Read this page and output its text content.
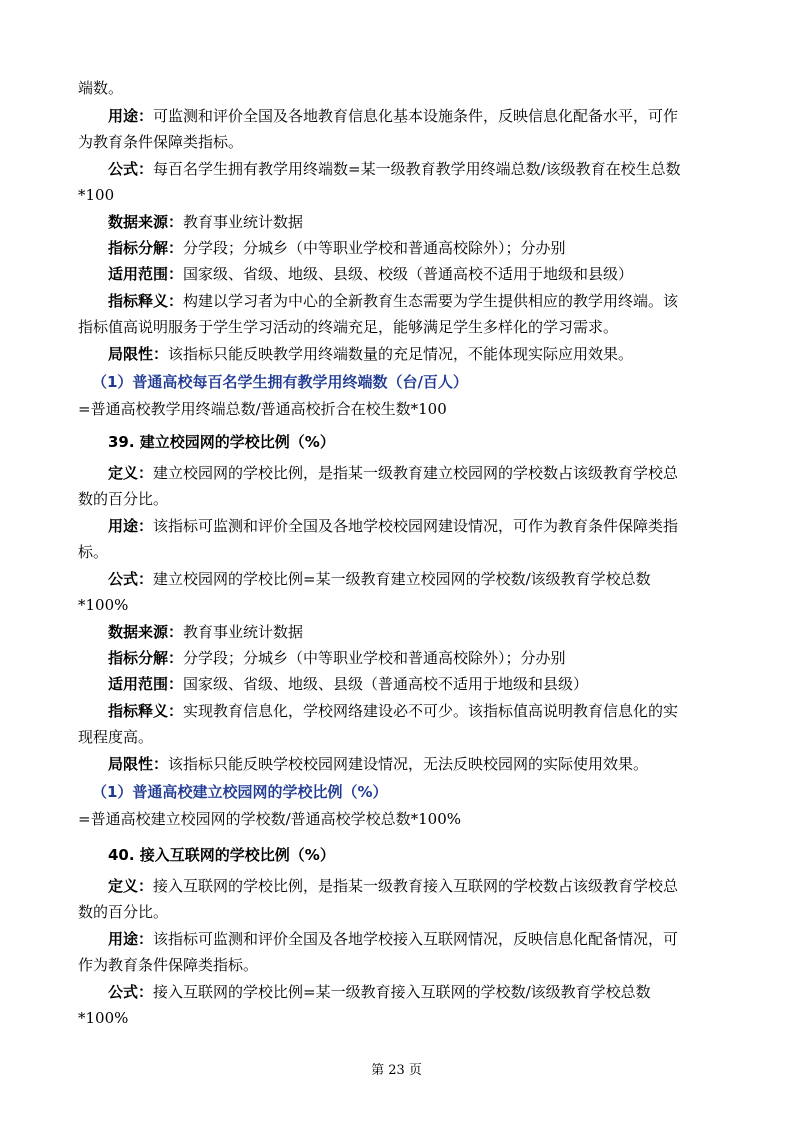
端数。
用途：可监测和评价全国及各地教育信息化基本设施条件，反映信息化配备水平，可作
为教育条件保障类指标。
公式：每百名学生拥有教学用终端数=某一级教育教学用终端总数/该级教育在校生总数
*100
数据来源：教育事业统计数据
指标分解：分学段；分城乡（中等职业学校和普通高校除外）；分办别
适用范围：国家级、省级、地级、县级、校级（普通高校不适用于地级和县级）
指标释义：构建以学习者为中心的全新教育生态需要为学生提供相应的教学用终端。该
指标值高说明服务于学生学习活动的终端充足，能够满足学生多样化的学习需求。
局限性：该指标只能反映教学用终端数量的充足情况，不能体现实际应用效果。
（1）普通高校每百名学生拥有教学用终端数（台/百人）
=普通高校教学用终端总数/普通高校折合在校生数*100
39. 建立校园网的学校比例（%）
定义：建立校园网的学校比例，是指某一级教育建立校园网的学校数占该级教育学校总
数的百分比。
用途：该指标可监测和评价全国及各地学校校园网建设情况，可作为教育条件保障类指
标。
公式：建立校园网的学校比例=某一级教育建立校园网的学校数/该级教育学校总数
*100%
数据来源：教育事业统计数据
指标分解：分学段；分城乡（中等职业学校和普通高校除外）；分办别
适用范围：国家级、省级、地级、县级（普通高校不适用于地级和县级）
指标释义：实现教育信息化，学校网络建设必不可少。该指标值高说明教育信息化的实
现程度高。
局限性：该指标只能反映学校校园网建设情况，无法反映校园网的实际使用效果。
（1）普通高校建立校园网的学校比例（%）
=普通高校建立校园网的学校数/普通高校学校总数*100%
40. 接入互联网的学校比例（%）
定义：接入互联网的学校比例，是指某一级教育接入互联网的学校数占该级教育学校总
数的百分比。
用途：该指标可监测和评价全国及各地学校接入互联网情况，反映信息化配备情况，可
作为教育条件保障类指标。
公式：接入互联网的学校比例=某一级教育接入互联网的学校数/该级教育学校总数
*100%
第 23 页
